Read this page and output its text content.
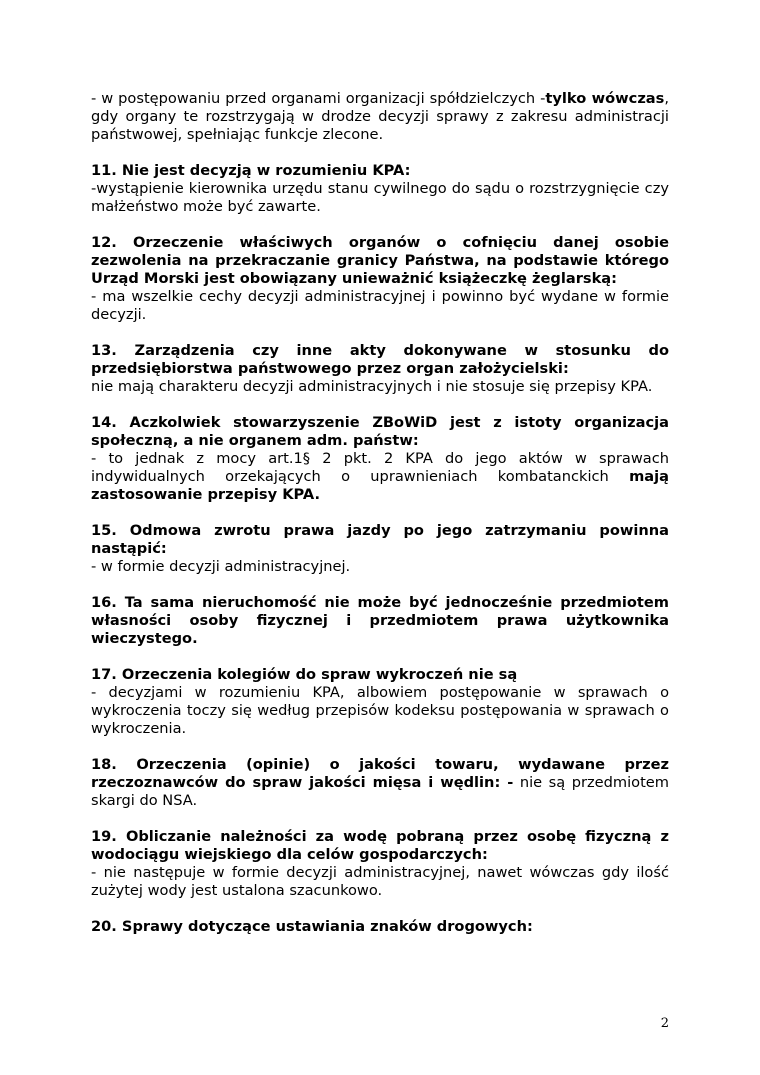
- w postępowaniu przed organami organizacji spółdzielczych -tylko wówczas, gdy organy te rozstrzygają w drodze decyzji sprawy z zakresu administracji państwowej, spełniając funkcje zlecone.

11. Nie jest decyzją w rozumieniu KPA:

-wystąpienie kierownika urzędu stanu cywilnego do sądu o rozstrzygnięcie czy małżeństwo może być zawarte.

12. Orzeczenie właściwych organów o cofnięciu danej osobie zezwolenia na przekraczanie granicy Państwa, na podstawie którego Urząd Morski jest obowiązany unieważnić książeczkę żeglarską:

- ma wszelkie cechy decyzji administracyjnej i powinno być wydane w formie decyzji.

13. Zarządzenia czy inne akty dokonywane w stosunku do przedsiębiorstwa państwowego przez organ założycielski:

nie mają charakteru decyzji administracyjnych i nie stosuje się przepisy KPA.

14. Aczkolwiek stowarzyszenie ZBoWiD jest z istoty organizacja społeczną, a nie organem adm. państw:

- to jednak z mocy art.1§ 2 pkt. 2 KPA do jego aktów w sprawach indywidualnych orzekających o uprawnieniach kombatanckich mają zastosowanie przepisy KPA.

15. Odmowa zwrotu prawa jazdy po jego zatrzymaniu powinna nastąpić:

- w formie decyzji administracyjnej.

16. Ta sama nieruchomość nie może być jednocześnie przedmiotem własności osoby fizycznej i przedmiotem prawa użytkownika wieczystego.

17. Orzeczenia kolegiów do spraw wykroczeń nie są

- decyzjami w rozumieniu KPA, albowiem postępowanie w sprawach o wykroczenia toczy się według przepisów kodeksu postępowania w sprawach o wykroczenia.

18. Orzeczenia (opinie) o jakości towaru, wydawane przez rzeczoznawców do spraw jakości mięsa i wędlin: - nie są przedmiotem skargi do NSA.

19. Obliczanie należności za wodę pobraną przez osobę fizyczną z wodociągu wiejskiego dla celów gospodarczych:

- nie następuje w formie decyzji administracyjnej, nawet wówczas gdy ilość zużytej wody jest ustalona szacunkowo.

20. Sprawy dotyczące ustawiania znaków drogowych:

2
